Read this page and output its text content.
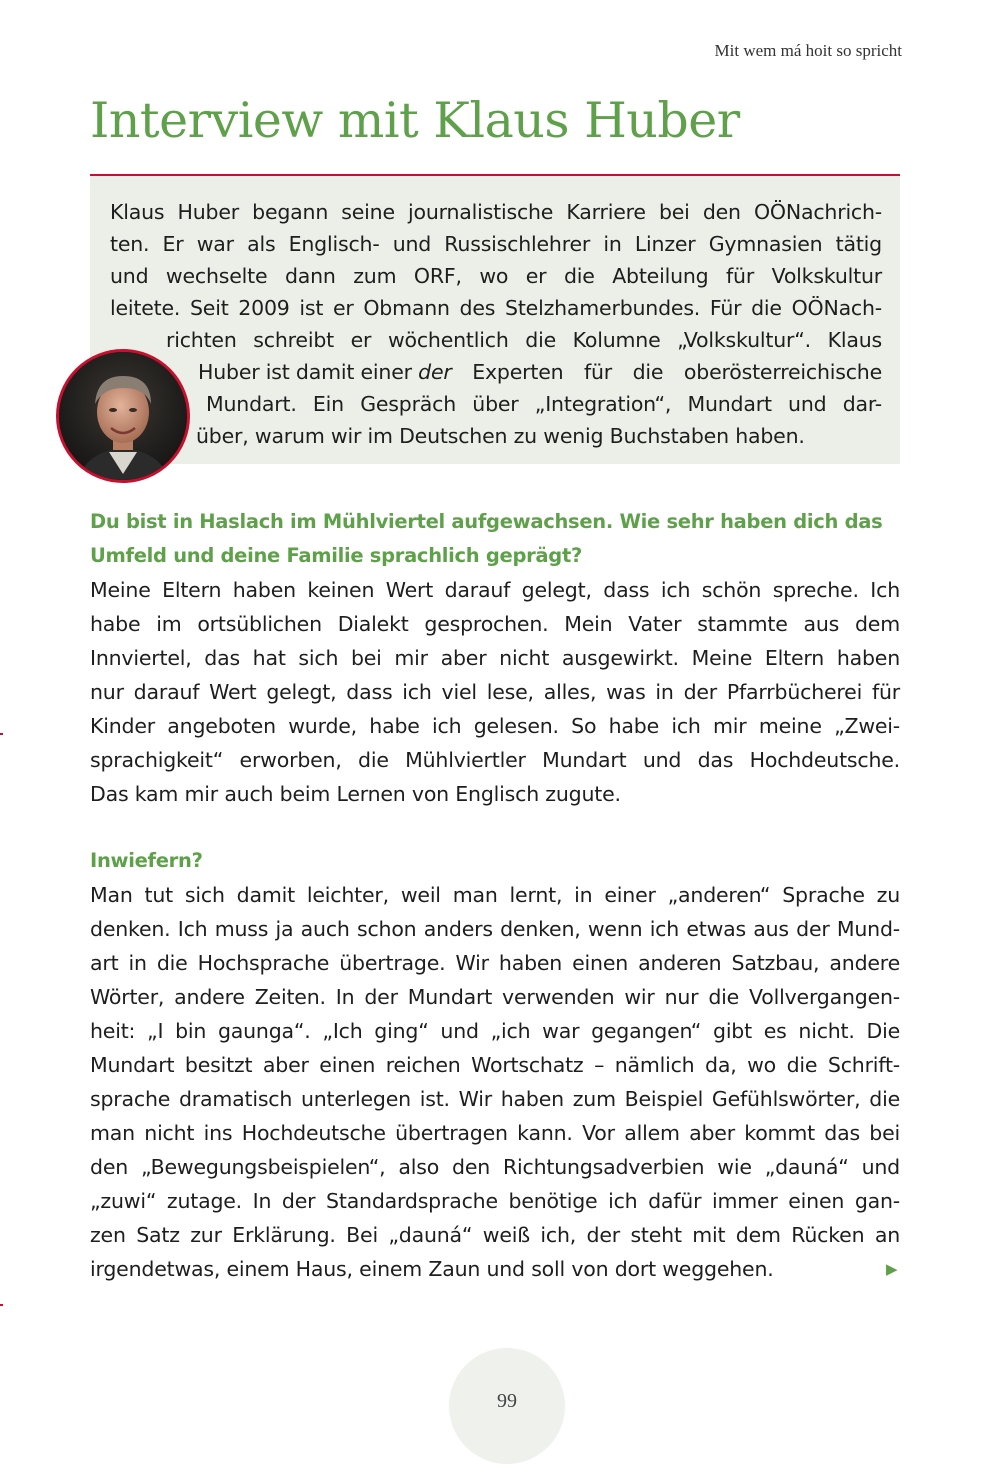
Mit wem má hoit so spricht
Interview mit Klaus Huber
Klaus Huber begann seine journalistische Karriere bei den OÖNachrich-
ten. Er war als Englisch- und Russischlehrer in Linzer Gymnasien tätig
und wechselte dann zum ORF, wo er die Abteilung für Volkskultur
leitete. Seit 2009 ist er Obmann des Stelzhamerbundes. Für die OÖNach-
richten schreibt er wöchentlich die Kolumne „Volkskultur“. Klaus
Huber ist damit einer der Experten für die oberösterreichische
Mundart. Ein Gespräch über „Integration“, Mundart und dar-
über, warum wir im Deutschen zu wenig Buchstaben haben.
Du bist in Haslach im Mühlviertel aufgewachsen. Wie sehr haben dich das
Umfeld und deine Familie sprachlich geprägt?
Meine Eltern haben keinen Wert darauf gelegt, dass ich schön spreche. Ich
habe im ortsüblichen Dialekt gesprochen. Mein Vater stammte aus dem
Innviertel, das hat sich bei mir aber nicht ausgewirkt. Meine Eltern haben
nur darauf Wert gelegt, dass ich viel lese, alles, was in der Pfarrbücherei für
Kinder angeboten wurde, habe ich gelesen. So habe ich mir meine „Zwei-
sprachigkeit“ erworben, die Mühlviertler Mundart und das Hochdeutsche.
Das kam mir auch beim Lernen von Englisch zugute.
Inwiefern?
Man tut sich damit leichter, weil man lernt, in einer „anderen“ Sprache zu
denken. Ich muss ja auch schon anders denken, wenn ich etwas aus der Mund-
art in die Hochsprache übertrage. Wir haben einen anderen Satzbau, andere
Wörter, andere Zeiten. In der Mundart verwenden wir nur die Vollvergangen-
heit: „I bin gaunga“. „Ich ging“ und „ich war gegangen“ gibt es nicht. Die
Mundart besitzt aber einen reichen Wortschatz – nämlich da, wo die Schrift-
sprache dramatisch unterlegen ist. Wir haben zum Beispiel Gefühlswörter, die
man nicht ins Hochdeutsche übertragen kann. Vor allem aber kommt das bei
den „Bewegungsbeispielen“, also den Richtungsadverbien wie „dauná“ und
„zuwi“ zutage. In der Standardsprache benötige ich dafür immer einen gan-
zen Satz zur Erklärung. Bei „dauná“ weiß ich, der steht mit dem Rücken an
irgendetwas, einem Haus, einem Zaun und soll von dort weggehen.	▶
99
